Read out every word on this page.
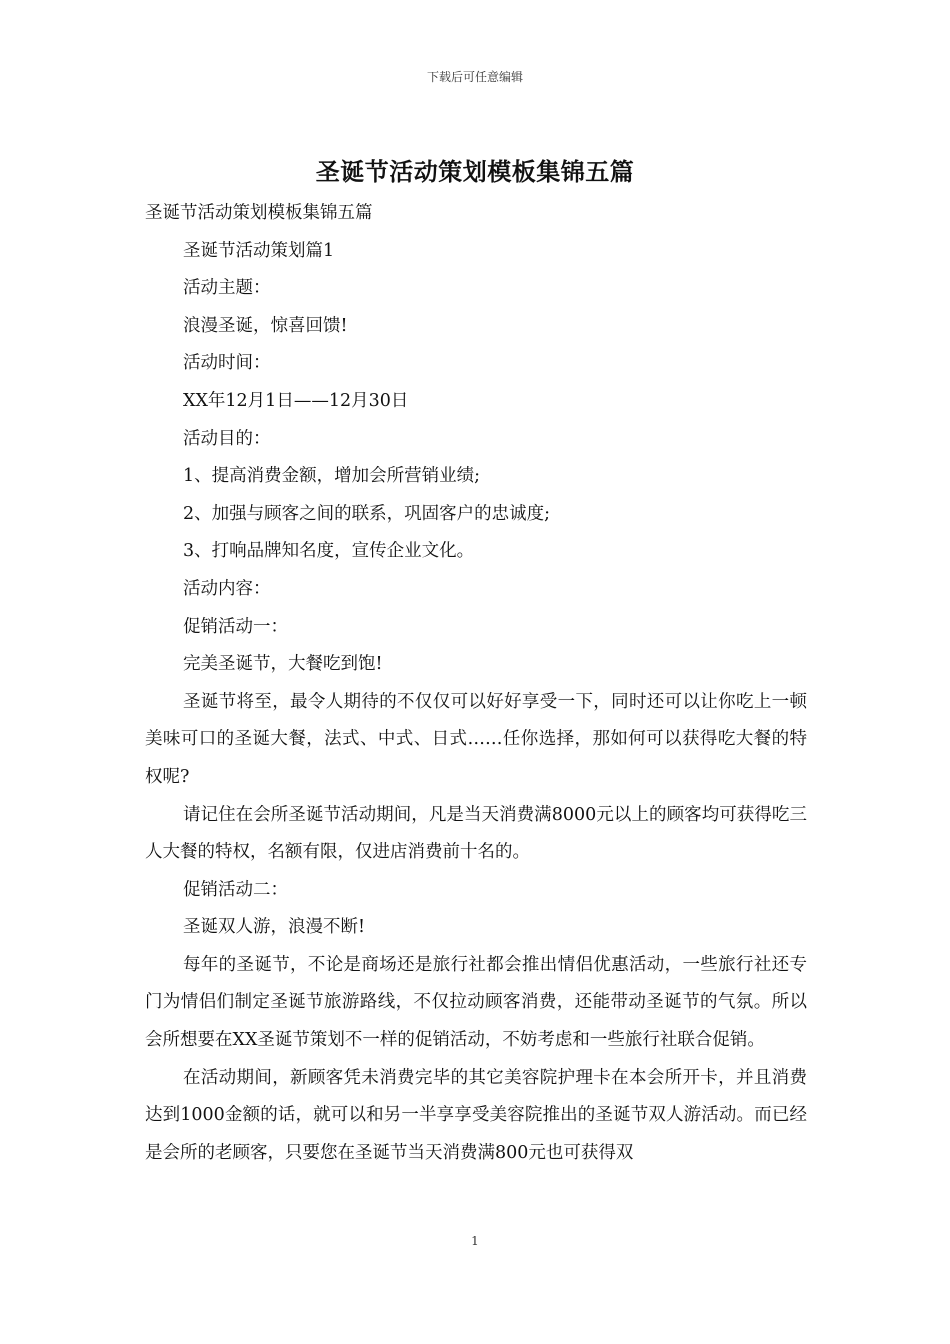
下载后可任意编辑
圣诞节活动策划模板集锦五篇

圣诞节活动策划模板集锦五篇

圣诞节活动策划篇1

活动主题：

浪漫圣诞，惊喜回馈!

活动时间：

XX年12月1日——12月30日

活动目的：

1、提高消费金额，增加会所营销业绩;

2、加强与顾客之间的联系，巩固客户的忠诚度;

3、打响品牌知名度，宣传企业文化。

活动内容：

促销活动一：

完美圣诞节，大餐吃到饱!

圣诞节将至，最令人期待的不仅仅可以好好享受一下，同时还可以让你吃上一顿美味可口的圣诞大餐，法式、中式、日式……任你选择，那如何可以获得吃大餐的特权呢?

请记住在会所圣诞节活动期间，凡是当天消费满8000元以上的顾客均可获得吃三人大餐的特权，名额有限，仅进店消费前十名的。

促销活动二：

圣诞双人游，浪漫不断!

每年的圣诞节，不论是商场还是旅行社都会推出情侣优惠活动，一些旅行社还专门为情侣们制定圣诞节旅游路线，不仅拉动顾客消费，还能带动圣诞节的气氛。所以会所想要在XX圣诞节策划不一样的促销活动，不妨考虑和一些旅行社联合促销。

在活动期间，新顾客凭未消费完毕的其它美容院护理卡在本会所开卡，并且消费达到1000金额的话，就可以和另一半享享受美容院推出的圣诞节双人游活动。而已经是会所的老顾客，只要您在圣诞节当天消费满800元也可获得双

1
